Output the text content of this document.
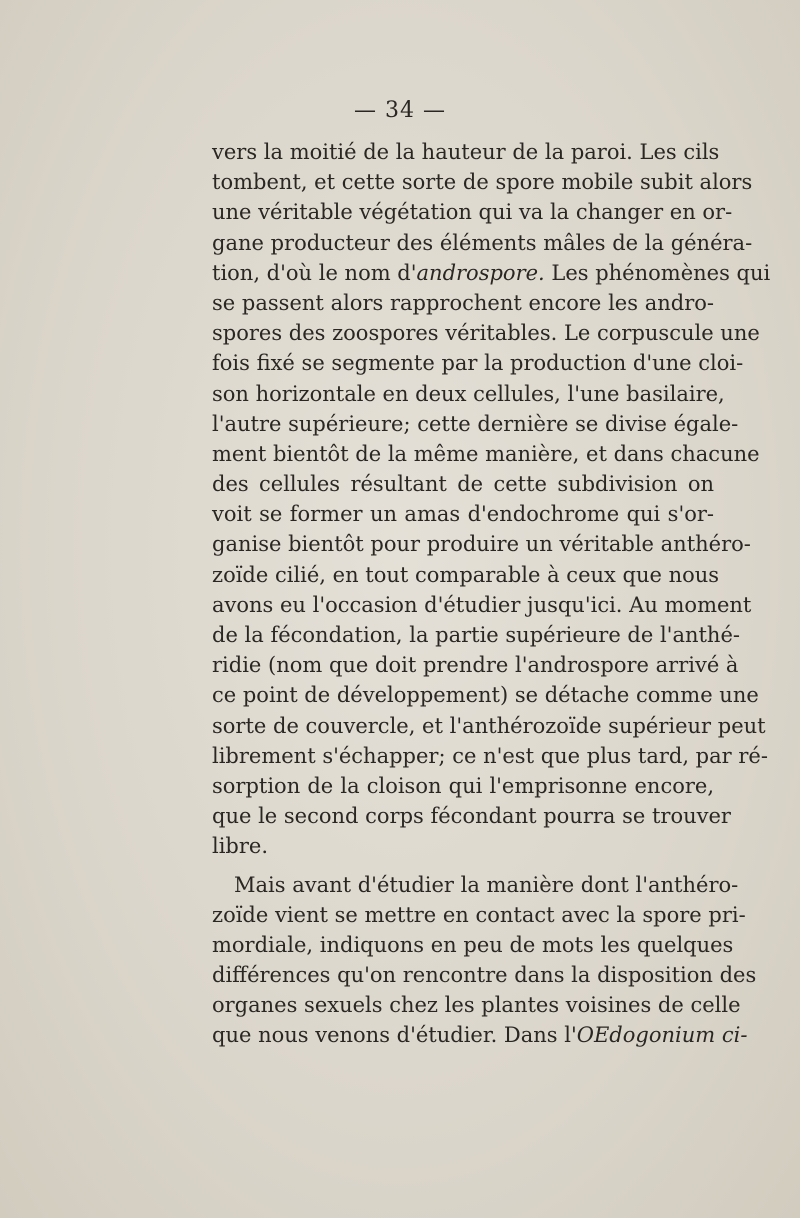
— 34 —
vers la moitié de la hauteur de la paroi. Les cils
tombent, et cette sorte de spore mobile subit alors
une véritable végétation qui va la changer en or-
gane producteur des éléments mâles de la généra-
tion, d'où le nom d'androspore. Les phénomènes qui
se passent alors rapprochent encore les andro-
spores des zoospores véritables. Le corpuscule une
fois fixé se segmente par la production d'une cloi-
son horizontale en deux cellules, l'une basilaire,
l'autre supérieure; cette dernière se divise égale-
ment bientôt de la même manière, et dans chacune
des cellules résultant de cette subdivision on
voit se former un amas d'endochrome qui s'or-
ganise bientôt pour produire un véritable anthéro-
zoïde cilié, en tout comparable à ceux que nous
avons eu l'occasion d'étudier jusqu'ici. Au moment
de la fécondation, la partie supérieure de l'anthé-
ridie (nom que doit prendre l'androspore arrivé à
ce point de développement) se détache comme une
sorte de couvercle, et l'anthérozoïde supérieur peut
librement s'échapper; ce n'est que plus tard, par ré-
sorption de la cloison qui l'emprisonne encore,
que le second corps fécondant pourra se trouver
libre.
Mais avant d'étudier la manière dont l'anthéro-
zoïde vient se mettre en contact avec la spore pri-
mordiale, indiquons en peu de mots les quelques
différences qu'on rencontre dans la disposition des
organes sexuels chez les plantes voisines de celle
que nous venons d'étudier. Dans l'OEdogonium ci-
